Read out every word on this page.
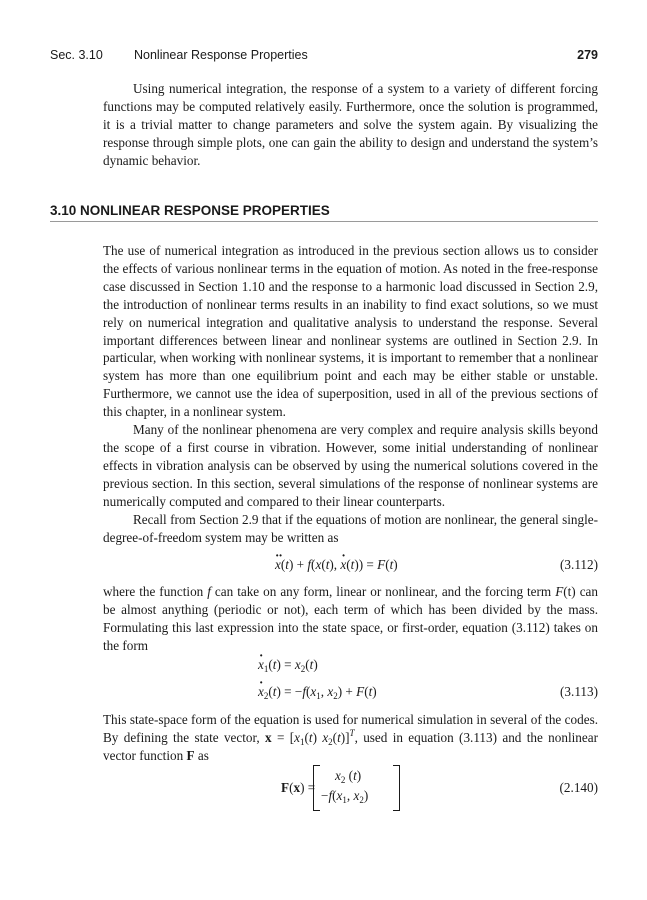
Sec. 3.10 Nonlinear Response Properties	279

Using numerical integration, the response of a system to a variety of different forcing functions may be computed relatively easily. Furthermore, once the solution is programmed, it is a trivial matter to change parameters and solve the system again. By visualizing the response through simple plots, one can gain the ability to design and understand the system’s dynamic behavior.

3.10 NONLINEAR RESPONSE PROPERTIES

The use of numerical integration as introduced in the previous section allows us to consider the effects of various nonlinear terms in the equation of motion. As noted in the free-response case discussed in Section 1.10 and the response to a harmonic load discussed in Section 2.9, the introduction of nonlinear terms results in an inability to find exact solutions, so we must rely on numerical integration and qualitative analysis to understand the response. Several important differences between linear and nonlinear systems are outlined in Section 2.9. In particular, when working with nonlinear systems, it is important to remember that a nonlinear system has more than one equilibrium point and each may be either stable or unstable. Furthermore, we cannot use the idea of superposition, used in all of the previous sections of this chapter, in a nonlinear system.

Many of the nonlinear phenomena are very complex and require analysis skills beyond the scope of a first course in vibration. However, some initial understanding of nonlinear effects in vibration analysis can be observed by using the numerical solutions covered in the previous section. In this section, several simulations of the response of nonlinear systems are numerically computed and compared to their linear counterparts.

Recall from Section 2.9 that if the equations of motion are nonlinear, the general single-degree-of-freedom system may be written as

·· x(t) + f(x(t), · x(t)) = F(t)	(3.112)

where the function f can take on any form, linear or nonlinear, and the forcing term F(t) can be almost anything (periodic or not), each term of which has been divided by the mass. Formulating this last expression into the state space, or first-order, equation (3.112) takes on the form

· $x_1(t) = x_2(t)$
· $x_2(t) = -f(x_1$, $x_2) + F(t)$	(3.113)

This state-space form of the equation is used for numerical simulation in several of the codes. By defining the state vector, $x = [x_1(t)$ $x_2(t)]^T$, used in equation (3.113) and the nonlinear vector function F as

F(x) =
$x_2$ (t)
$-f(x_1$, $x_2$)
(2.140)
